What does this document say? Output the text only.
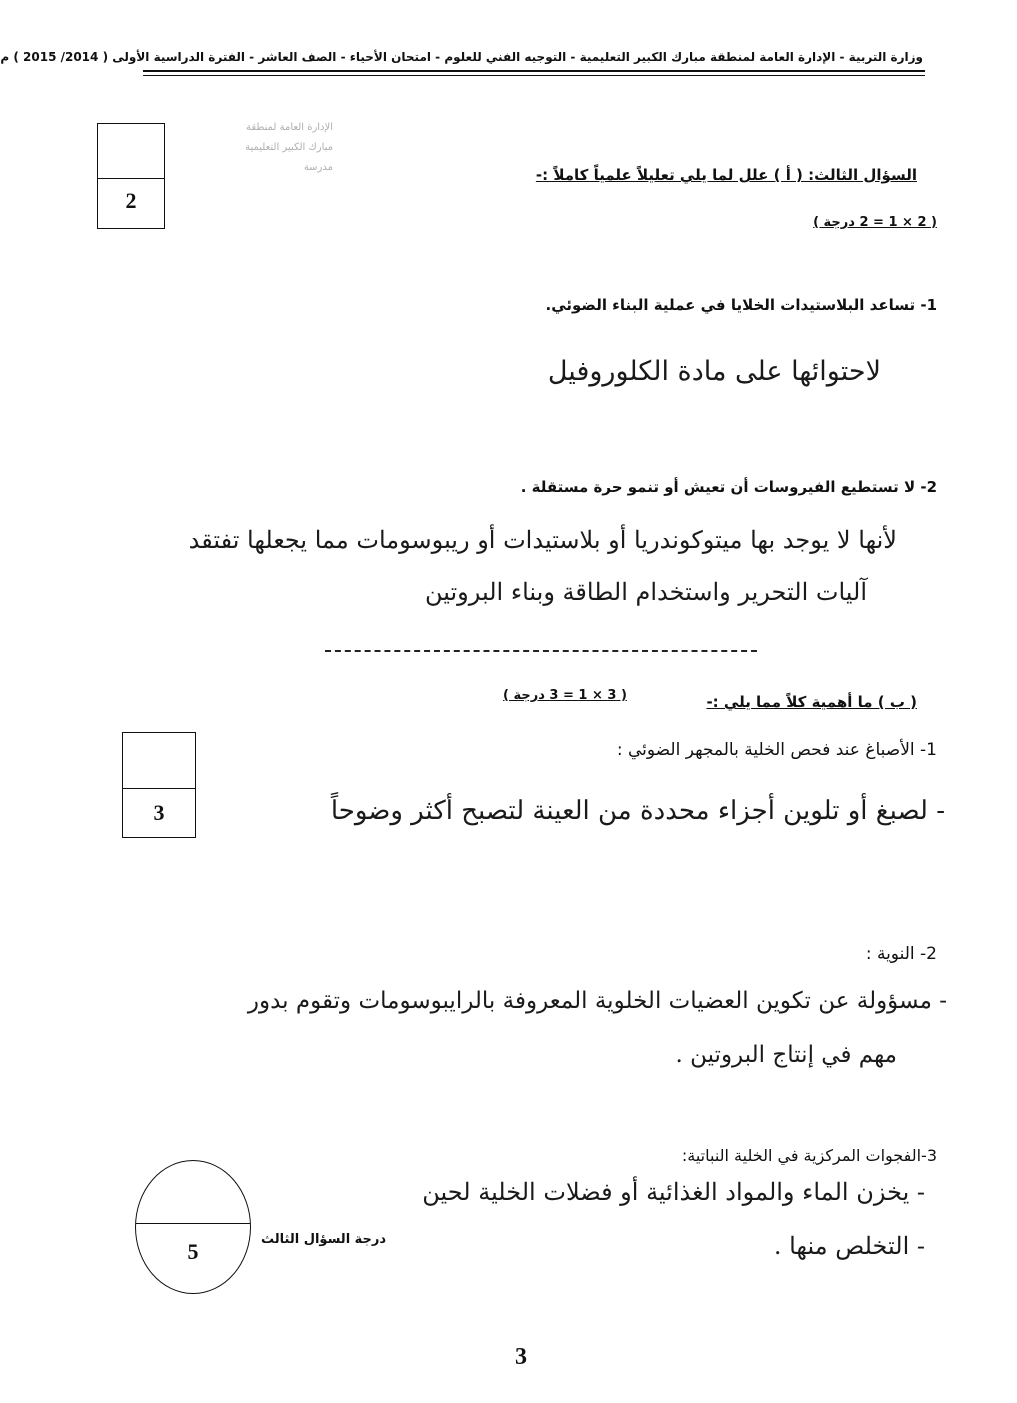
وزارة التربية - الإدارة العامة لمنطقة مبارك الكبير التعليمية - التوجيه الفني للعلوم - امتحان الأحياء - الصف العاشر - الفترة الدراسية الأولى ( 2014/ 2015 ) م
الإدارة العامة لمنطقة
مبارك الكبير التعليمية
مدرسة
2
السؤال الثالث: ( أ ) علل لما يلي تعليلاً علمياً كاملاً :-
( 2 × 1 = 2 درجة )
1- تساعد البلاستيدات الخلايا في عملية البناء الضوئي.
لاحتوائها على مادة الكلوروفيل
2- لا تستطيع الفيروسات أن تعيش أو تنمو حرة مستقلة .
لأنها لا يوجد بها ميتوكوندريا أو بلاستيدات أو ريبوسومات مما يجعلها تفتقد
آليات التحرير واستخدام الطاقة وبناء البروتين
( ب ) ما أهمية كلاً مما يلي :-
( 3 × 1 = 3 درجة )
3
1- الأصباغ عند فحص الخلية بالمجهر الضوئي :
- لصبغ أو تلوين أجزاء محددة من العينة لتصبح أكثر وضوحاً
2- النوية :
- مسؤولة عن تكوين العضيات الخلوية المعروفة بالرايبوسومات وتقوم بدور
مهم في إنتاج البروتين .
3-الفجوات المركزية في الخلية النباتية:
- يخزن الماء والمواد الغذائية أو فضلات الخلية لحين
- التخلص منها .
5	درجة السؤال الثالث
3
